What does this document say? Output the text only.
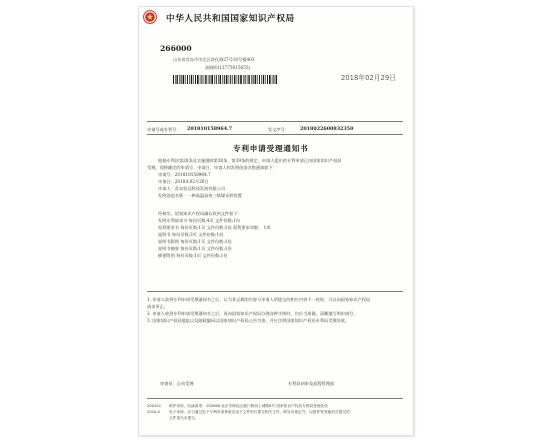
中华人民共和国国家知识产权局
266000
山东省青岛市市北区敦化路27号10号楼403
高晓明(13775015655)
2018年02月29日
申请号或专利号： 201810158964.7	发文序号： 2018022600832350
专利申请受理通知书
根据专利法第28条及实施细则第38条、第39条的规定，申请人提出的专利申请已由国家知识产权局
受理。现将确定的申请号、申请日、申请人和发明创造名称通知如下：
申请号：201810158964.7
申请日：2018年02月26日
申请人：青岛恒远科技发展有限公司
发明创造名称：一种高温高效三喷煤采样装置
经核实，国家知识产权局确认收到文件如下：
发明专利请求书 每份页数:4页 文件份数:1份
权利要求书 每份页数:1页 文件份数:1份 权利要求项数： 1项
说明书 每份页数:3页 文件份数:1份
说明书附图 每份页数:1页 文件份数:1份
说明书摘要 每份页数:1页 文件份数:1份
摘要附图 每份页数:1页 文件份数:1份
1. 申请人收到专利申请受理通知书之后，认为其记载的内容与申请人所提交的相应内容不一致时，可以向国家知识产权局
请求更正。
2. 申请人收到专利申请受理通知书之后，再向国家知识产权局办理各种手续时，均应当准确、清晰地写明申请号。
3. 国家知识产权局地址以及邮政编码以国家知识产权局公告为准，并应注明国家知识产权局专利局受理处收。
审查员：自动受理	专利局初审及流程管理部
200101
2010.4
纸件申请，回函请寄：100088 北京市海淀区蓟门桥西土城路6号 国家知识产权局专利局受理处收
电子申请，应当通过电子专利申请系统以电子文件形式提交相关文件。除另有规定外，以纸件等其他形式提交的
文件视为未提交。
